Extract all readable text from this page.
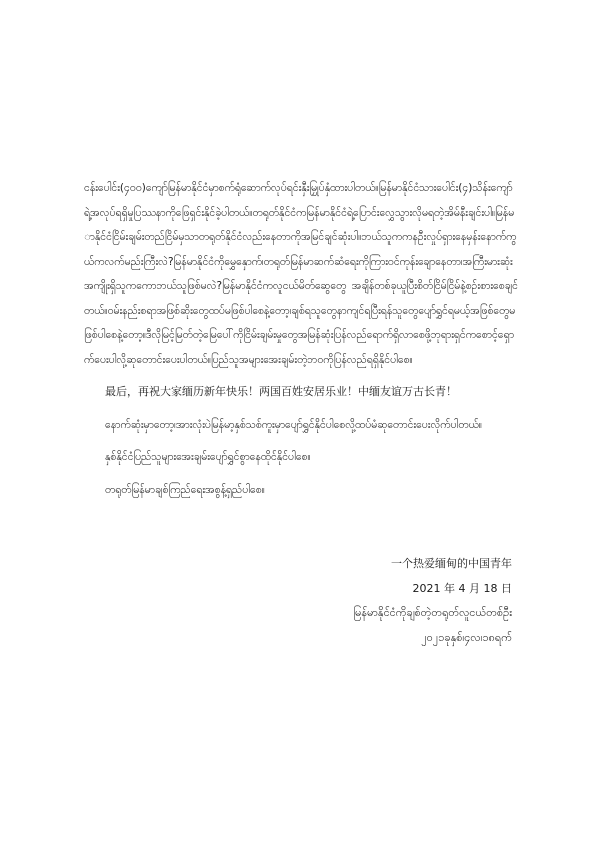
ငန်းပေါင်း(၄၀၀)ကျော်မြန်မာနိုင်ငံမှာစက်ရုံဆောက်လုပ်ရင်းနှီးမြှုပ်နှံထားပါတယ်။မြန်မာနိုင်ငံသားပေါင်း(၄)သိန်းကျော်ရဲ့အလုပ်ရရှိမှုပြဿနာကိုဖြေရှင်းနိုင်ခဲ့ပါတယ်။တရုတ်နိုင်ငံကမြန်မာနိုင်ငံရဲ့ပြောင်းလွှေသွားလိုမရတဲ့အိမ်နီးချင်းပါ။မြန်မာနိုင်ငံငြိမ်းချမ်းတည်ငြိမ်မှသာတရုတ်နိုင်ငံလည်းနေတာကိုအမြင်ချင်ဆုံးပါ။ဘယ်သူကကနဦးလှုပ်ရှားနေမှန်းနောက်ကွယ်ကလက်မည်းကြီးလဲ?မြန်မာနိုင်ငံကိုမွှေနှောက်၊တရုတ်မြန်မာဆက်ဆံရေးကိုကြားဝင်ကုန်းချောနေတာ၊အကြီးမားဆုံးအကျိုးရှိသူကကောဘယ်သူဖြစ်မလဲ?မြန်မာနိုင်ငံကလူငယ်မိတ်ဆွေတွေ အချိန်တစ်ခုယူပြီးစိတ်ငြိမ်ငြိမ်နဲ့စဉ်းစားစေချင်တယ်။ဝမ်းနည်းစရာအဖြစ်ဆိုးတွေထပ်မဖြစ်ပါစေနဲ့တော့၊ချစ်ရသူတွေနာကျင်ရပြီးရန်သူတွေပျော်ရွှင်ရမယ့်အဖြစ်တွေမဖြစ်ပါစေနဲ့တော့။ဒီလိုမြင့်မြတ်တဲ့မြေပေါ်ကိုငြိမ်းချမ်းမှုတွေအမြန်ဆုံးပြန်လည်ရောက်ရှိလာစေဖို့ဘုရားရှင်ကစောင့်ရှောက်ပေးပါလို့ဆုတောင်းပေးပါတယ်။ပြည်သူအများအေးချမ်းတဲ့ဘဝကိုပြန်လည်ရရှိနိုင်ပါစေ။

最后，再祝大家缅历新年快乐！两国百姓安居乐业！中缅友谊万古长青！

နောက်ဆုံးမှာတော့၊အားလုံးပဲမြန်မာ့နှစ်သစ်ကူးမှာပျော်ရွှင်နိုင်ပါစေလို့ထပ်မံဆုတောင်းပေးလိုက်ပါတယ်။

နှစ်နိုင်ငံပြည်သူများအေးချမ်းပျော်ရွှင်စွာနေထိုင်နိုင်ပါစေ။

တရုတ်မြန်မာချစ်ကြည်ရေးအစွန့်ရှည်ပါစေ။

一个热爱缅甸的中国青年
2021 年 4 月 18 日
မြန်မာနိုင်ငံကိုချစ်တဲ့တရုတ်လူငယ်တစ်ဦး
၂၀၂၁ခုနှစ်၊၄လ၊၁၈ရက်
